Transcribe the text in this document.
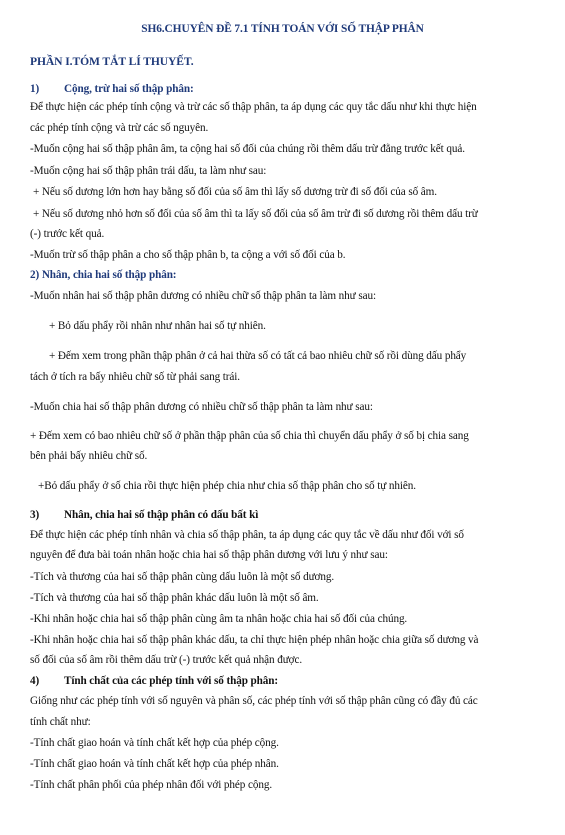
SH6.CHUYÊN ĐỀ 7.1 TÍNH TOÁN VỚI SỐ THẬP PHÂN
PHẦN I.TÓM TẮT LÍ THUYẾT.
1) Cộng, trừ hai số thập phân:
Để thực hiện các phép tính cộng và trừ các số thập phân, ta áp dụng các quy tắc dấu như khi thực hiện
các phép tính cộng và trừ các số nguyên.
-Muốn cộng hai số thập phân âm, ta cộng hai số đối của chúng rồi thêm dấu trừ đằng trước kết quả.
-Muốn cộng hai số thập phân trái dấu, ta làm như sau:
+ Nếu số dương lớn hơn hay bằng số đối của số âm thì lấy số dương trừ đi số đối của số âm.
+ Nếu số dương nhỏ hơn số đối của số âm thì ta lấy số đối của số âm trừ đi số dương rồi thêm dấu trừ
(-) trước kết quả.
-Muốn trừ số thập phân a cho số thập phân b, ta cộng a với số đối của b.
2) Nhân, chia hai số thập phân:
-Muốn nhân hai số thập phân dương có nhiều chữ số thập phân ta làm như sau:
+ Bỏ dấu phẩy rồi nhân như nhân hai số tự nhiên.
+ Đếm xem trong phần thập phân ở cả hai thừa số có tất cả bao nhiêu chữ số rồi dùng dấu phẩy
tách ở tích ra bấy nhiêu chữ số từ phải sang trái.
-Muốn chia hai số thập phân dương có nhiều chữ số thập phân ta làm như sau:
+ Đếm xem có bao nhiêu chữ số ở phần thập phân của số chia thì chuyển dấu phẩy ở số bị chia sang
bên phải bấy nhiêu chữ số.
+Bỏ dấu phẩy ở số chia rồi thực hiện phép chia như chia số thập phân cho số tự nhiên.
3) Nhân, chia hai số thập phân có dấu bất kì
Để thực hiện các phép tính nhân và chia số thập phân, ta áp dụng các quy tắc về dấu như đối với số
nguyên để đưa bài toán nhân hoặc chia hai số thập phân dương với lưu ý như sau:
-Tích và thương của hai số thập phân cùng dấu luôn là một số dương.
-Tích và thương của hai số thập phân khác dấu luôn là một số âm.
-Khi nhân hoặc chia hai số thập phân cùng âm ta nhân hoặc chia hai số đối của chúng.
-Khi nhân hoặc chia hai số thập phân khác dấu, ta chỉ thực hiện phép nhân hoặc chia giữa số dương và
số đối của số âm rồi thêm dấu trừ (-) trước kết quả nhận được.
4) Tính chất của các phép tính với số thập phân:
Giống như các phép tính với số nguyên và phân số, các phép tính với số thập phân cũng có đầy đủ các
tính chất như:
-Tính chất giao hoán và tính chất kết hợp của phép cộng.
-Tính chất giao hoán và tính chất kết hợp của phép nhân.
-Tính chất phân phối của phép nhân đối với phép cộng.
